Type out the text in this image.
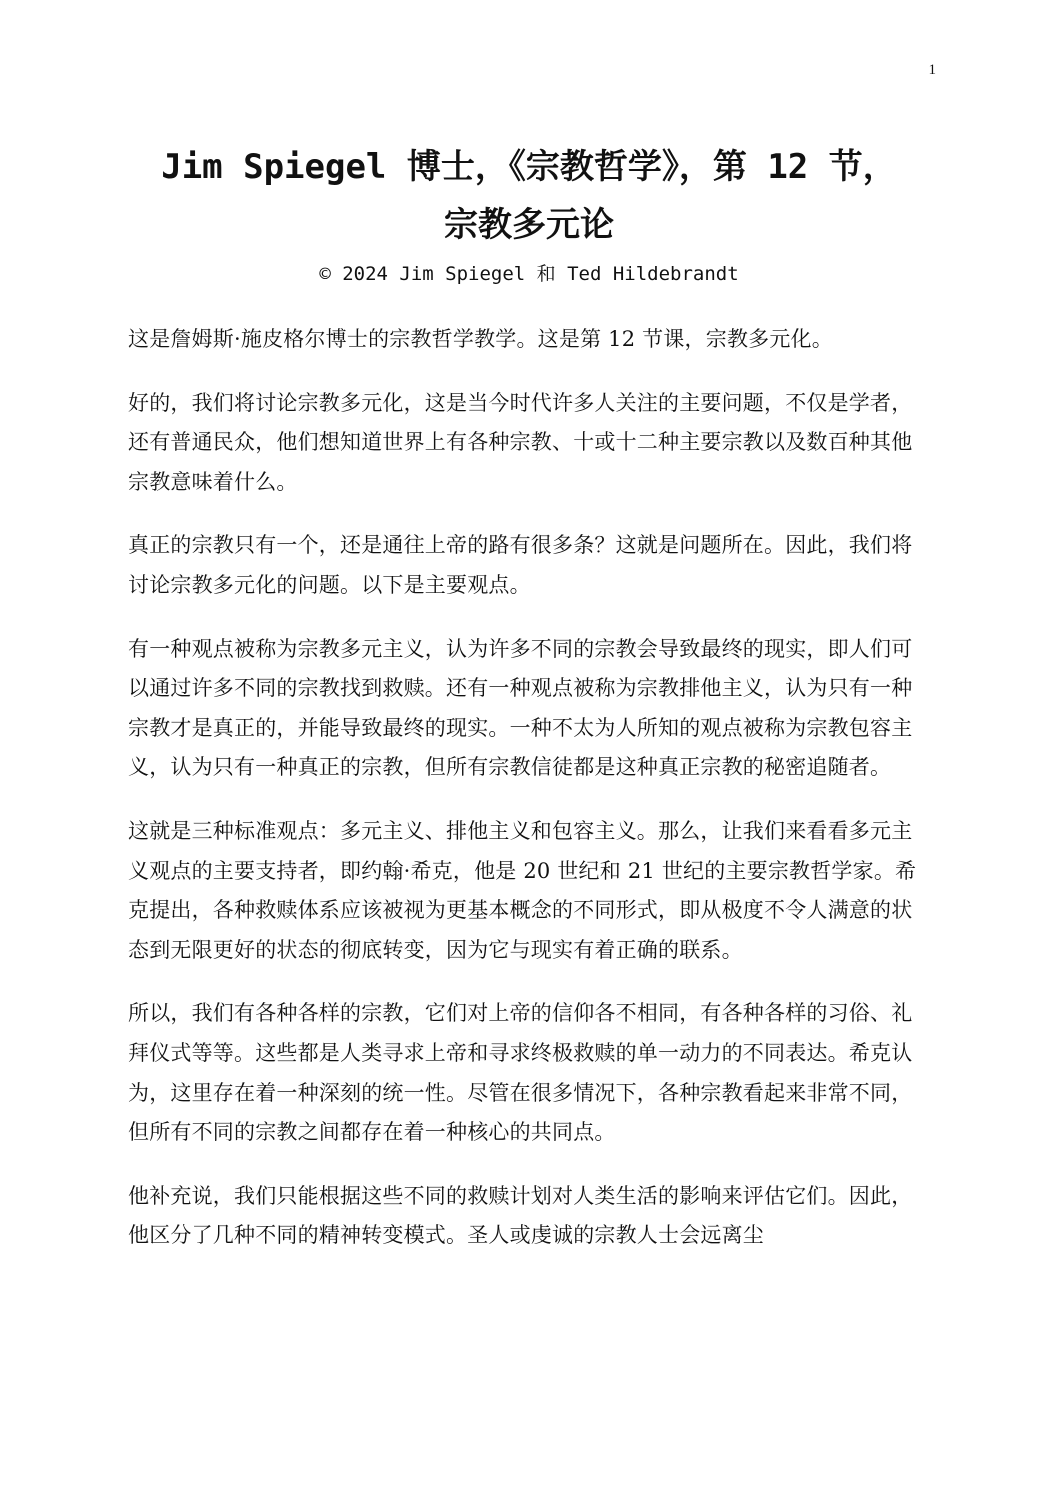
1
Jim Spiegel 博士，《宗教哲学》，第 12 节，
宗教多元论
© 2024 Jim Spiegel 和 Ted Hildebrandt

这是詹姆斯·施皮格尔博士的宗教哲学教学。这是第 12 节课，宗教多元化。

好的，我们将讨论宗教多元化，这是当今时代许多人关注的主要问题，不仅是学者，还有普通民众，他们想知道世界上有各种宗教、十或十二种主要宗教以及数百种其他宗教意味着什么。

真正的宗教只有一个，还是通往上帝的路有很多条？这就是问题所在。因此，我们将讨论宗教多元化的问题。以下是主要观点。

有一种观点被称为宗教多元主义，认为许多不同的宗教会导致最终的现实，即人们可以通过许多不同的宗教找到救赎。还有一种观点被称为宗教排他主义，认为只有一种宗教才是真正的，并能导致最终的现实。一种不太为人所知的观点被称为宗教包容主义，认为只有一种真正的宗教，但所有宗教信徒都是这种真正宗教的秘密追随者。

这就是三种标准观点：多元主义、排他主义和包容主义。那么，让我们来看看多元主义观点的主要支持者，即约翰·希克，他是 20 世纪和 21 世纪的主要宗教哲学家。希克提出，各种救赎体系应该被视为更基本概念的不同形式，即从极度不令人满意的状态到无限更好的状态的彻底转变，因为它与现实有着正确的联系。

所以，我们有各种各样的宗教，它们对上帝的信仰各不相同，有各种各样的习俗、礼拜仪式等等。这些都是人类寻求上帝和寻求终极救赎的单一动力的不同表达。希克认为，这里存在着一种深刻的统一性。尽管在很多情况下，各种宗教看起来非常不同，但所有不同的宗教之间都存在着一种核心的共同点。

他补充说，我们只能根据这些不同的救赎计划对人类生活的影响来评估它们。因此，他区分了几种不同的精神转变模式。圣人或虔诚的宗教人士会远离尘
